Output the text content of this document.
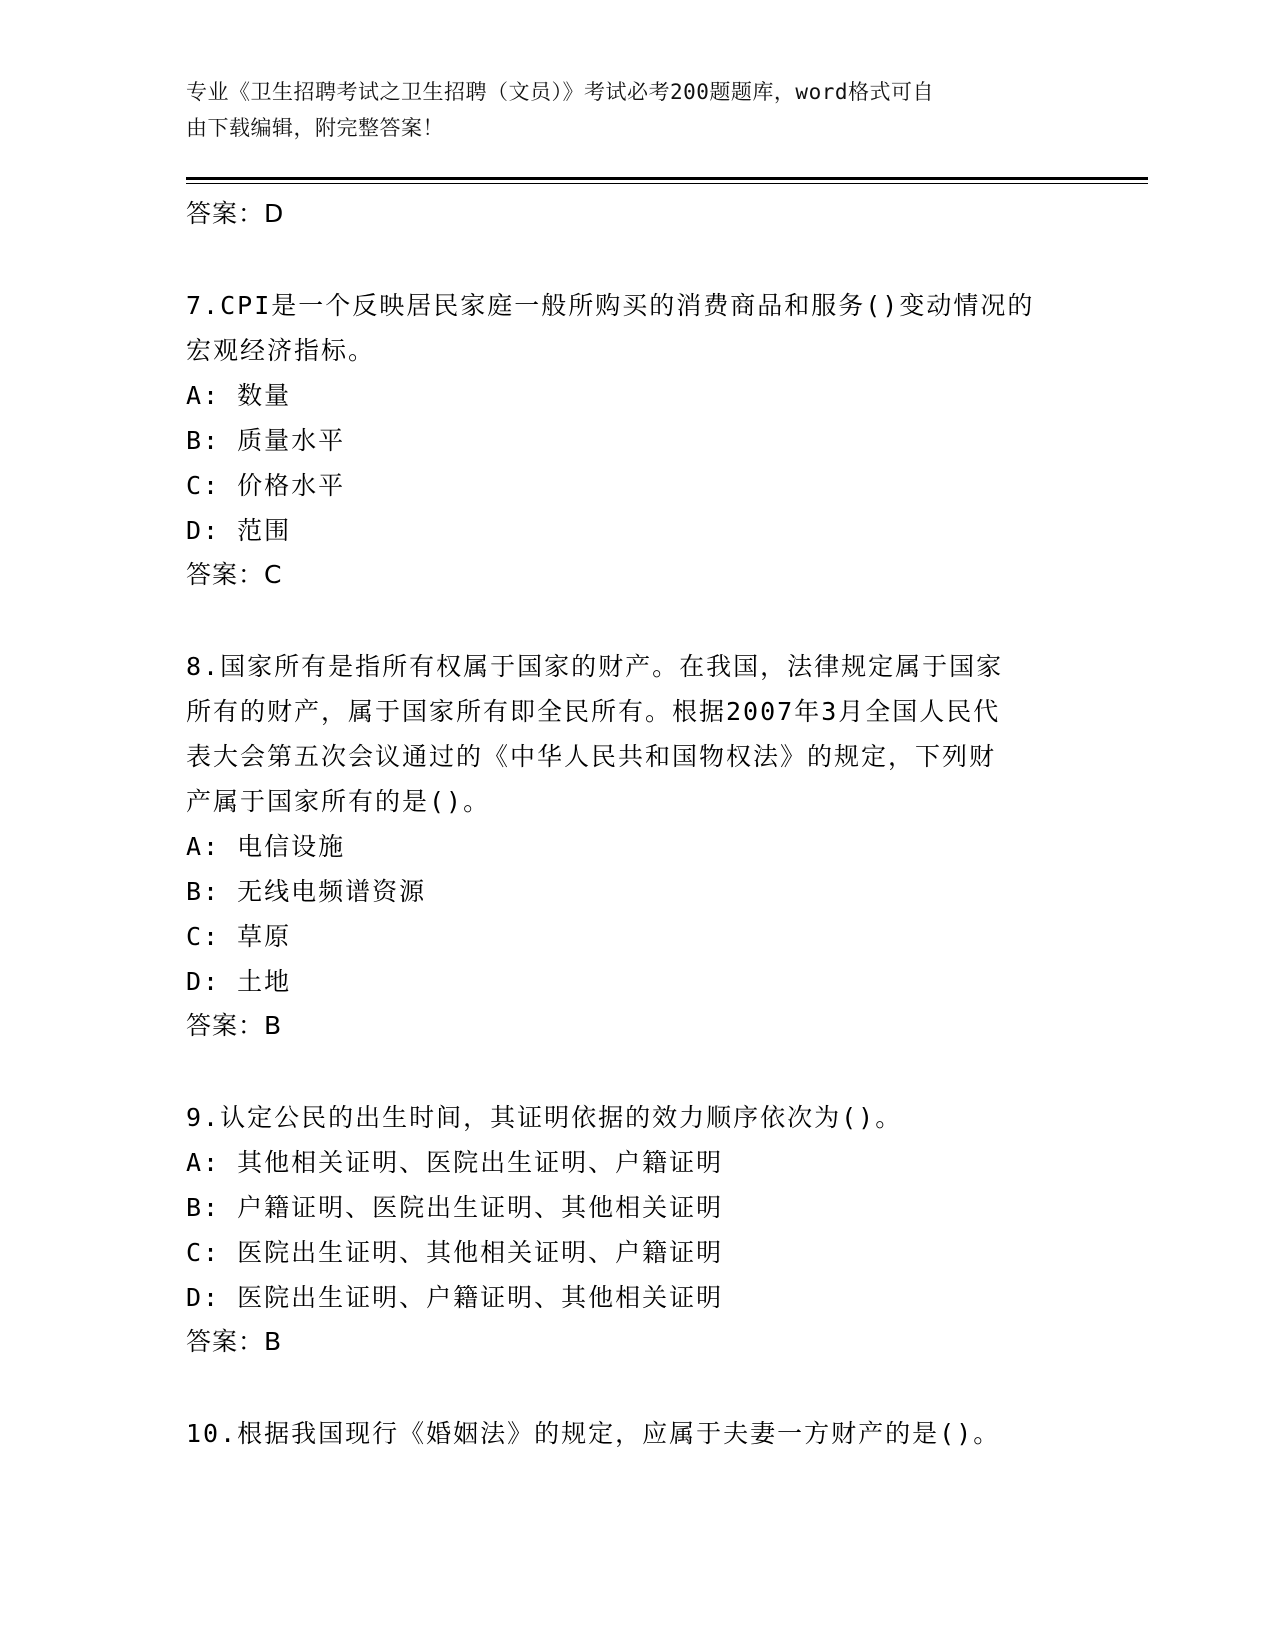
专业《卫生招聘考试之卫生招聘（文员）》考试必考200题题库，word格式可自
由下载编辑，附完整答案！
答案：D
7.CPI是一个反映居民家庭一般所购买的消费商品和服务()变动情况的
宏观经济指标。
A: 数量
B: 质量水平
C: 价格水平
D: 范围
答案：C
8.国家所有是指所有权属于国家的财产。在我国，法律规定属于国家
所有的财产，属于国家所有即全民所有。根据2007年3月全国人民代
表大会第五次会议通过的《中华人民共和国物权法》的规定，下列财
产属于国家所有的是()。
A: 电信设施
B: 无线电频谱资源
C: 草原
D: 土地
答案：B
9.认定公民的出生时间，其证明依据的效力顺序依次为()。
A: 其他相关证明、医院出生证明、户籍证明
B: 户籍证明、医院出生证明、其他相关证明
C: 医院出生证明、其他相关证明、户籍证明
D: 医院出生证明、户籍证明、其他相关证明
答案：B
10.根据我国现行《婚姻法》的规定，应属于夫妻一方财产的是()。
